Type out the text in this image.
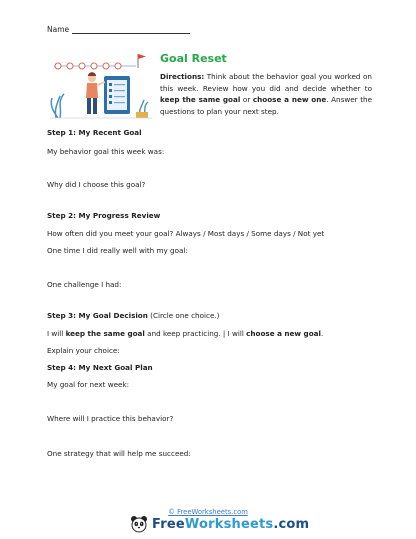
Name
Goal Reset
Directions: Think about the behavior goal you worked on this week. Review how you did and decide whether to keep the same goal or choose a new one. Answer the questions to plan your next step.
Step 1: My Recent Goal
My behavior goal this week was:
Why did I choose this goal?
Step 2: My Progress Review
How often did you meet your goal? Always / Most days / Some days / Not yet
One time I did really well with my goal:
One challenge I had:
Step 3: My Goal Decision (Circle one choice.)
I will keep the same goal and keep practicing. | I will choose a new goal.
Explain your choice:
Step 4: My Next Goal Plan
My goal for next week:
Where will I practice this behavior?
One strategy that will help me succeed:
© FreeWorksheets.com
FreeWorksheets.com
